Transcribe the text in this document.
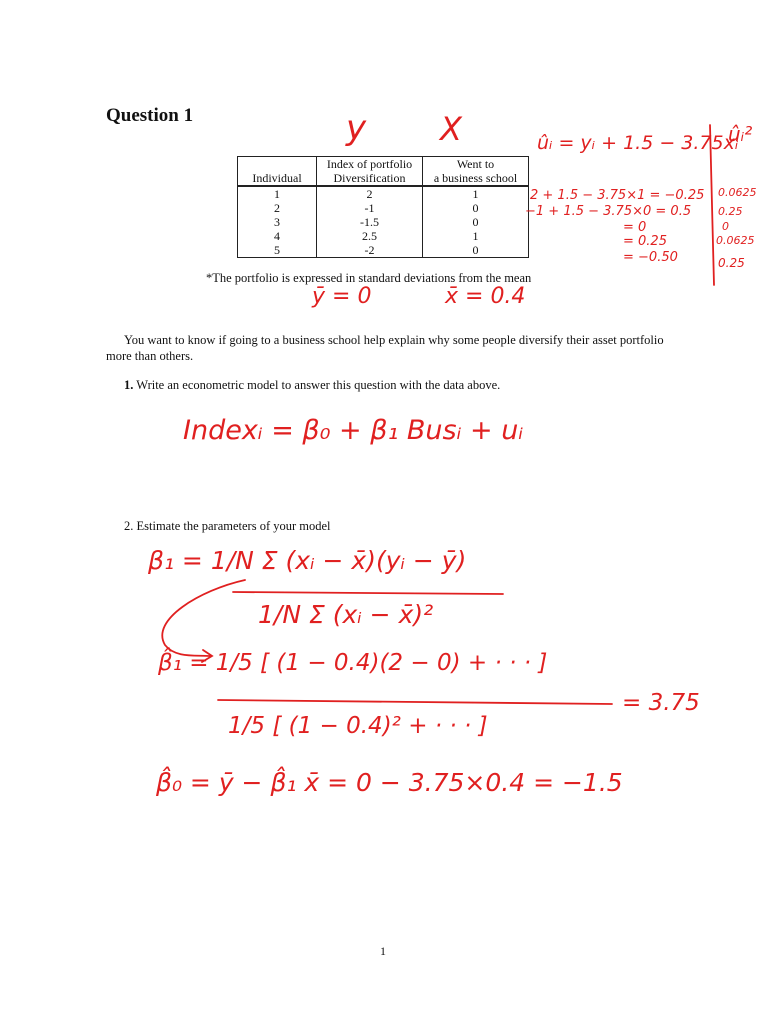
Question 1
	Index of portfolio	Went to
Individual	Diversification	a business school
1	2	1
2	-1	0
3	-1.5	0
4	2.5	1
5	-2	0
*The portfolio is expressed in standard deviations from the mean
You want to know if going to a business school help explain why some people diversify their asset portfolio more than others.
1. Write an econometric model to answer this question with the data above.
2. Estimate the parameters of your model
y X	ûᵢ = yᵢ + 1.5 − 3.75xᵢ
ûᵢ²
2 + 1.5 − 3.75×1 = −0.25
−1 + 1.5 − 3.75×0 = 0.5
= 0
= 0.25
= −0.50
0.0625
0.25
0
0.0625
0.25
ȳ = 0	x̄ = 0.4
Indexᵢ = β₀ + β₁ Busᵢ + uᵢ
β₁ = 1/N Σ (xᵢ − x̄)(yᵢ − ȳ)
1/N Σ (xᵢ − x̄)²
β̂₁ = 1/5 [ (1 − 0.4)(2 − 0) + · · · ]
1/5 [ (1 − 0.4)² + · · · ]
= 3.75
β̂₀ = ȳ − β̂₁ x̄ = 0 − 3.75×0.4 = −1.5
1
